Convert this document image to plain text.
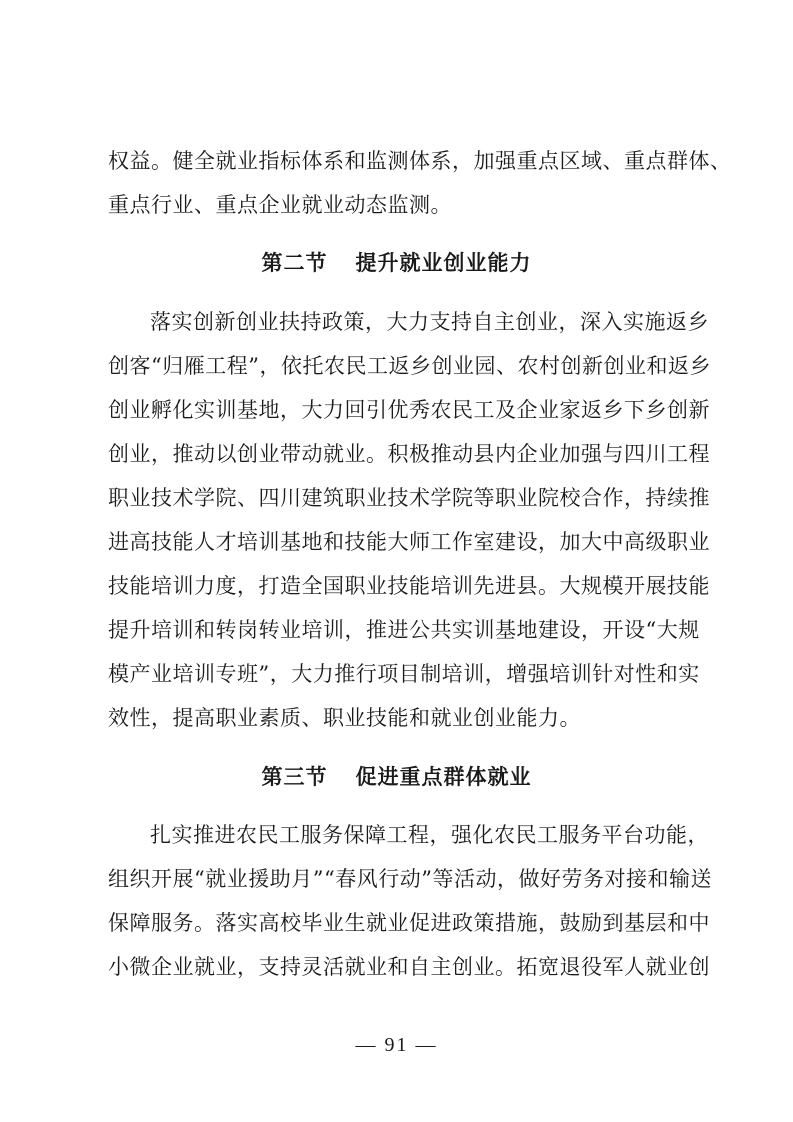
权益。健全就业指标体系和监测体系，加强重点区域、重点群体、
重点行业、重点企业就业动态监测。
第二节 提升就业创业能力
落实创新创业扶持政策，大力支持自主创业，深入实施返乡
创客“归雁工程”，依托农民工返乡创业园、农村创新创业和返乡
创业孵化实训基地，大力回引优秀农民工及企业家返乡下乡创新
创业，推动以创业带动就业。积极推动县内企业加强与四川工程
职业技术学院、四川建筑职业技术学院等职业院校合作，持续推
进高技能人才培训基地和技能大师工作室建设，加大中高级职业
技能培训力度，打造全国职业技能培训先进县。大规模开展技能
提升培训和转岗转业培训，推进公共实训基地建设，开设“大规
模产业培训专班”，大力推行项目制培训，增强培训针对性和实
效性，提高职业素质、职业技能和就业创业能力。
第三节 促进重点群体就业
扎实推进农民工服务保障工程，强化农民工服务平台功能，
组织开展“就业援助月”“春风行动”等活动，做好劳务对接和输送
保障服务。落实高校毕业生就业促进政策措施，鼓励到基层和中
小微企业就业，支持灵活就业和自主创业。拓宽退役军人就业创
— 91 —
